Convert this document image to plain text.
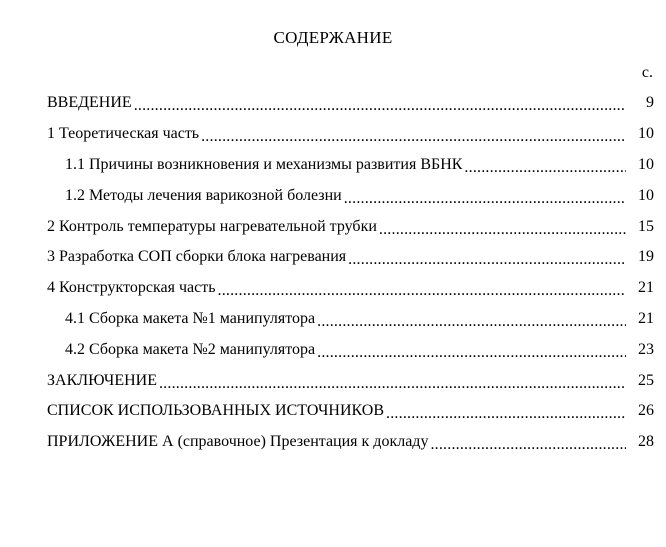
СОДЕРЖАНИЕ
с.
ВВЕДЕНИЕ .....	9
1 Теоретическая часть .....	10
1.1 Причины возникновения и механизмы развития ВБНК .....	10
1.2 Методы лечения варикозной болезни .....	10
2 Контроль температуры нагревательной трубки .....	15
3 Разработка СОП сборки блока нагревания .....	19
4 Конструкторская часть .....	21
4.1 Сборка макета №1 манипулятора .....	21
4.2 Сборка макета №2 манипулятора .....	23
ЗАКЛЮЧЕНИЕ .....	25
СПИСОК ИСПОЛЬЗОВАННЫХ ИСТОЧНИКОВ .....	26
ПРИЛОЖЕНИЕ А (справочное) Презентация к докладу .....	28
